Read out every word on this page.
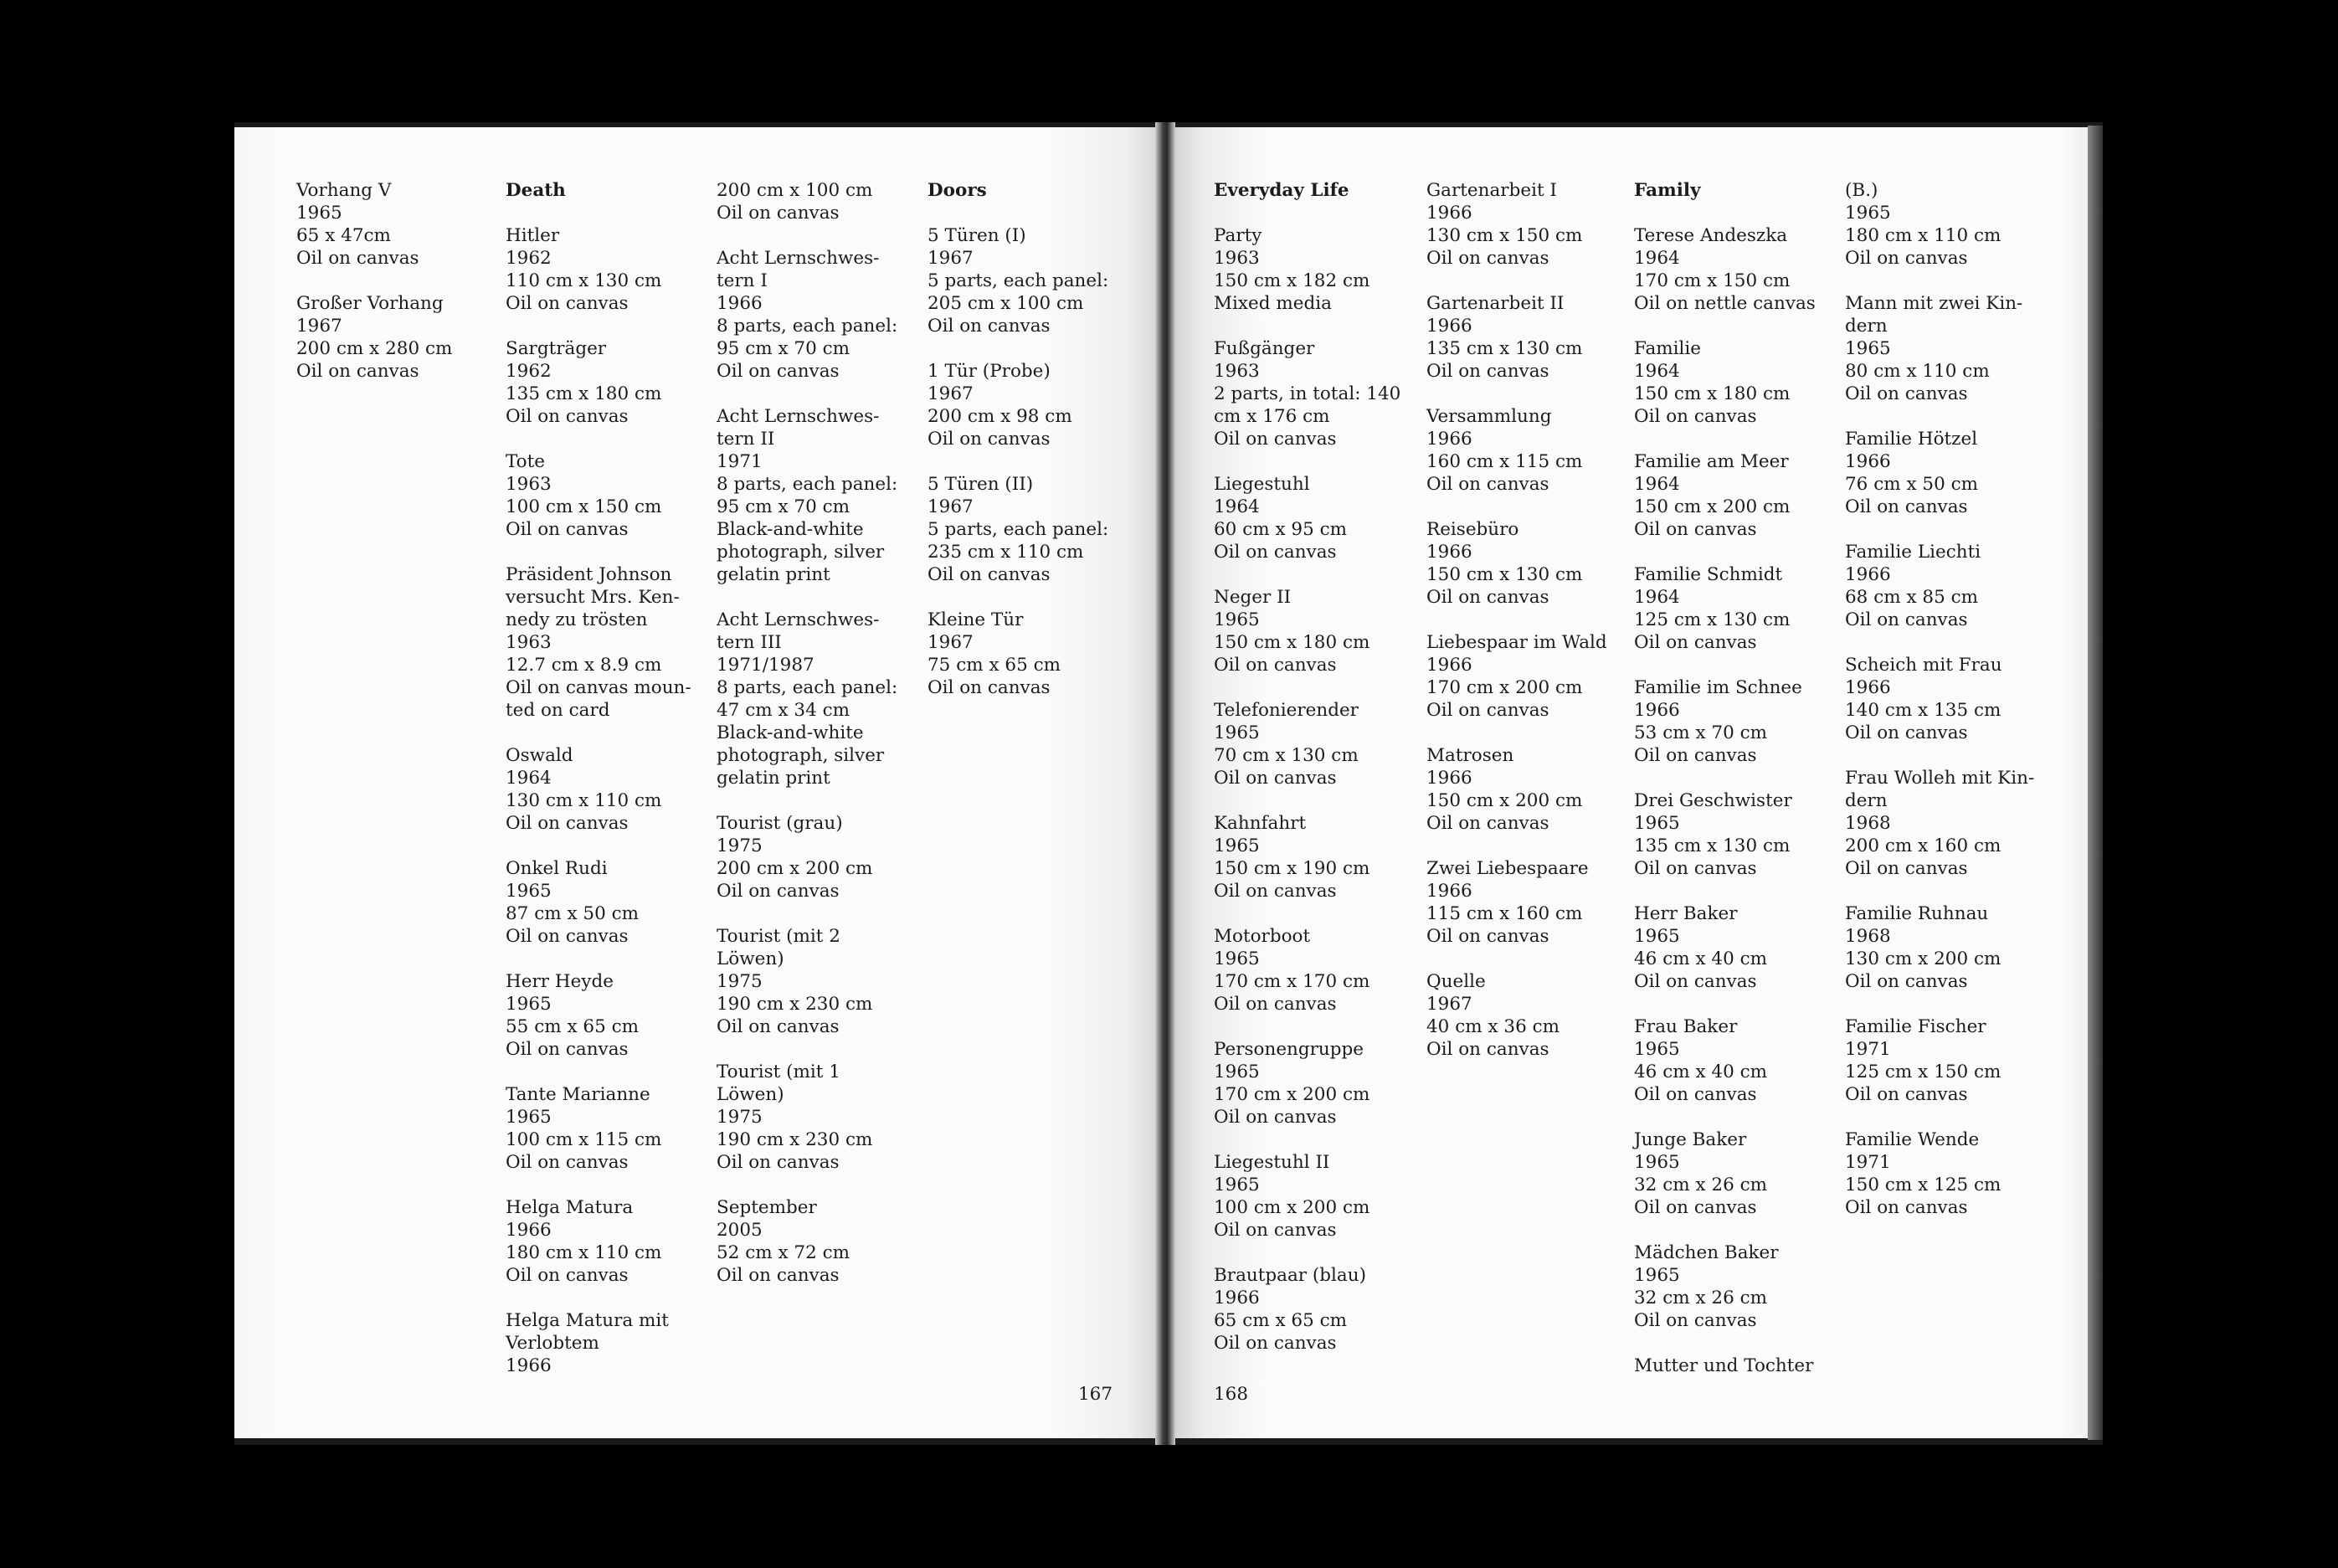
Vorhang V
1965
65 x 47cm
Oil on canvas
Großer Vorhang
1967
200 cm x 280 cm
Oil on canvas
Death
Hitler
1962
110 cm x 130 cm
Oil on canvas
Sargträger
1962
135 cm x 180 cm
Oil on canvas
Tote
1963
100 cm x 150 cm
Oil on canvas
Präsident Johnson
versucht Mrs. Ken-
nedy zu trösten
1963
12.7 cm x 8.9 cm
Oil on canvas moun-
ted on card
Oswald
1964
130 cm x 110 cm
Oil on canvas
Onkel Rudi
1965
87 cm x 50 cm
Oil on canvas
Herr Heyde
1965
55 cm x 65 cm
Oil on canvas
Tante Marianne
1965
100 cm x 115 cm
Oil on canvas
Helga Matura
1966
180 cm x 110 cm
Oil on canvas
Helga Matura mit
Verlobtem
1966
200 cm x 100 cm
Oil on canvas
Acht Lernschwes-
tern I
1966
8 parts, each panel:
95 cm x 70 cm
Oil on canvas
Acht Lernschwes-
tern II
1971
8 parts, each panel:
95 cm x 70 cm
Black-and-white
photograph, silver
gelatin print
Acht Lernschwes-
tern III
1971/1987
8 parts, each panel:
47 cm x 34 cm
Black-and-white
photograph, silver
gelatin print
Tourist (grau)
1975
200 cm x 200 cm
Oil on canvas
Tourist (mit 2
Löwen)
1975
190 cm x 230 cm
Oil on canvas
Tourist (mit 1
Löwen)
1975
190 cm x 230 cm
Oil on canvas
September
2005
52 cm x 72 cm
Oil on canvas
Doors
5 Türen (I)
1967
5 parts, each panel:
205 cm x 100 cm
Oil on canvas
1 Tür (Probe)
1967
200 cm x 98 cm
Oil on canvas
5 Türen (II)
1967
5 parts, each panel:
235 cm x 110 cm
Oil on canvas
Kleine Tür
1967
75 cm x 65 cm
Oil on canvas
167
Everyday Life
Party
1963
150 cm x 182 cm
Mixed media
Fußgänger
1963
2 parts, in total: 140
cm x 176 cm
Oil on canvas
Liegestuhl
1964
60 cm x 95 cm
Oil on canvas
Neger II
1965
150 cm x 180 cm
Oil on canvas
Telefonierender
1965
70 cm x 130 cm
Oil on canvas
Kahnfahrt
1965
150 cm x 190 cm
Oil on canvas
Motorboot
1965
170 cm x 170 cm
Oil on canvas
Personengruppe
1965
170 cm x 200 cm
Oil on canvas
Liegestuhl II
1965
100 cm x 200 cm
Oil on canvas
Brautpaar (blau)
1966
65 cm x 65 cm
Oil on canvas
Gartenarbeit I
1966
130 cm x 150 cm
Oil on canvas
Gartenarbeit II
1966
135 cm x 130 cm
Oil on canvas
Versammlung
1966
160 cm x 115 cm
Oil on canvas
Reisebüro
1966
150 cm x 130 cm
Oil on canvas
Liebespaar im Wald
1966
170 cm x 200 cm
Oil on canvas
Matrosen
1966
150 cm x 200 cm
Oil on canvas
Zwei Liebespaare
1966
115 cm x 160 cm
Oil on canvas
Quelle
1967
40 cm x 36 cm
Oil on canvas
Family
Terese Andeszka
1964
170 cm x 150 cm
Oil on nettle canvas
Familie
1964
150 cm x 180 cm
Oil on canvas
Familie am Meer
1964
150 cm x 200 cm
Oil on canvas
Familie Schmidt
1964
125 cm x 130 cm
Oil on canvas
Familie im Schnee
1966
53 cm x 70 cm
Oil on canvas
Drei Geschwister
1965
135 cm x 130 cm
Oil on canvas
Herr Baker
1965
46 cm x 40 cm
Oil on canvas
Frau Baker
1965
46 cm x 40 cm
Oil on canvas
Junge Baker
1965
32 cm x 26 cm
Oil on canvas
Mädchen Baker
1965
32 cm x 26 cm
Oil on canvas
Mutter und Tochter
(B.)
1965
180 cm x 110 cm
Oil on canvas
Mann mit zwei Kin-
dern
1965
80 cm x 110 cm
Oil on canvas
Familie Hötzel
1966
76 cm x 50 cm
Oil on canvas
Familie Liechti
1966
68 cm x 85 cm
Oil on canvas
Scheich mit Frau
1966
140 cm x 135 cm
Oil on canvas
Frau Wolleh mit Kin-
dern
1968
200 cm x 160 cm
Oil on canvas
Familie Ruhnau
1968
130 cm x 200 cm
Oil on canvas
Familie Fischer
1971
125 cm x 150 cm
Oil on canvas
Familie Wende
1971
150 cm x 125 cm
Oil on canvas
168
